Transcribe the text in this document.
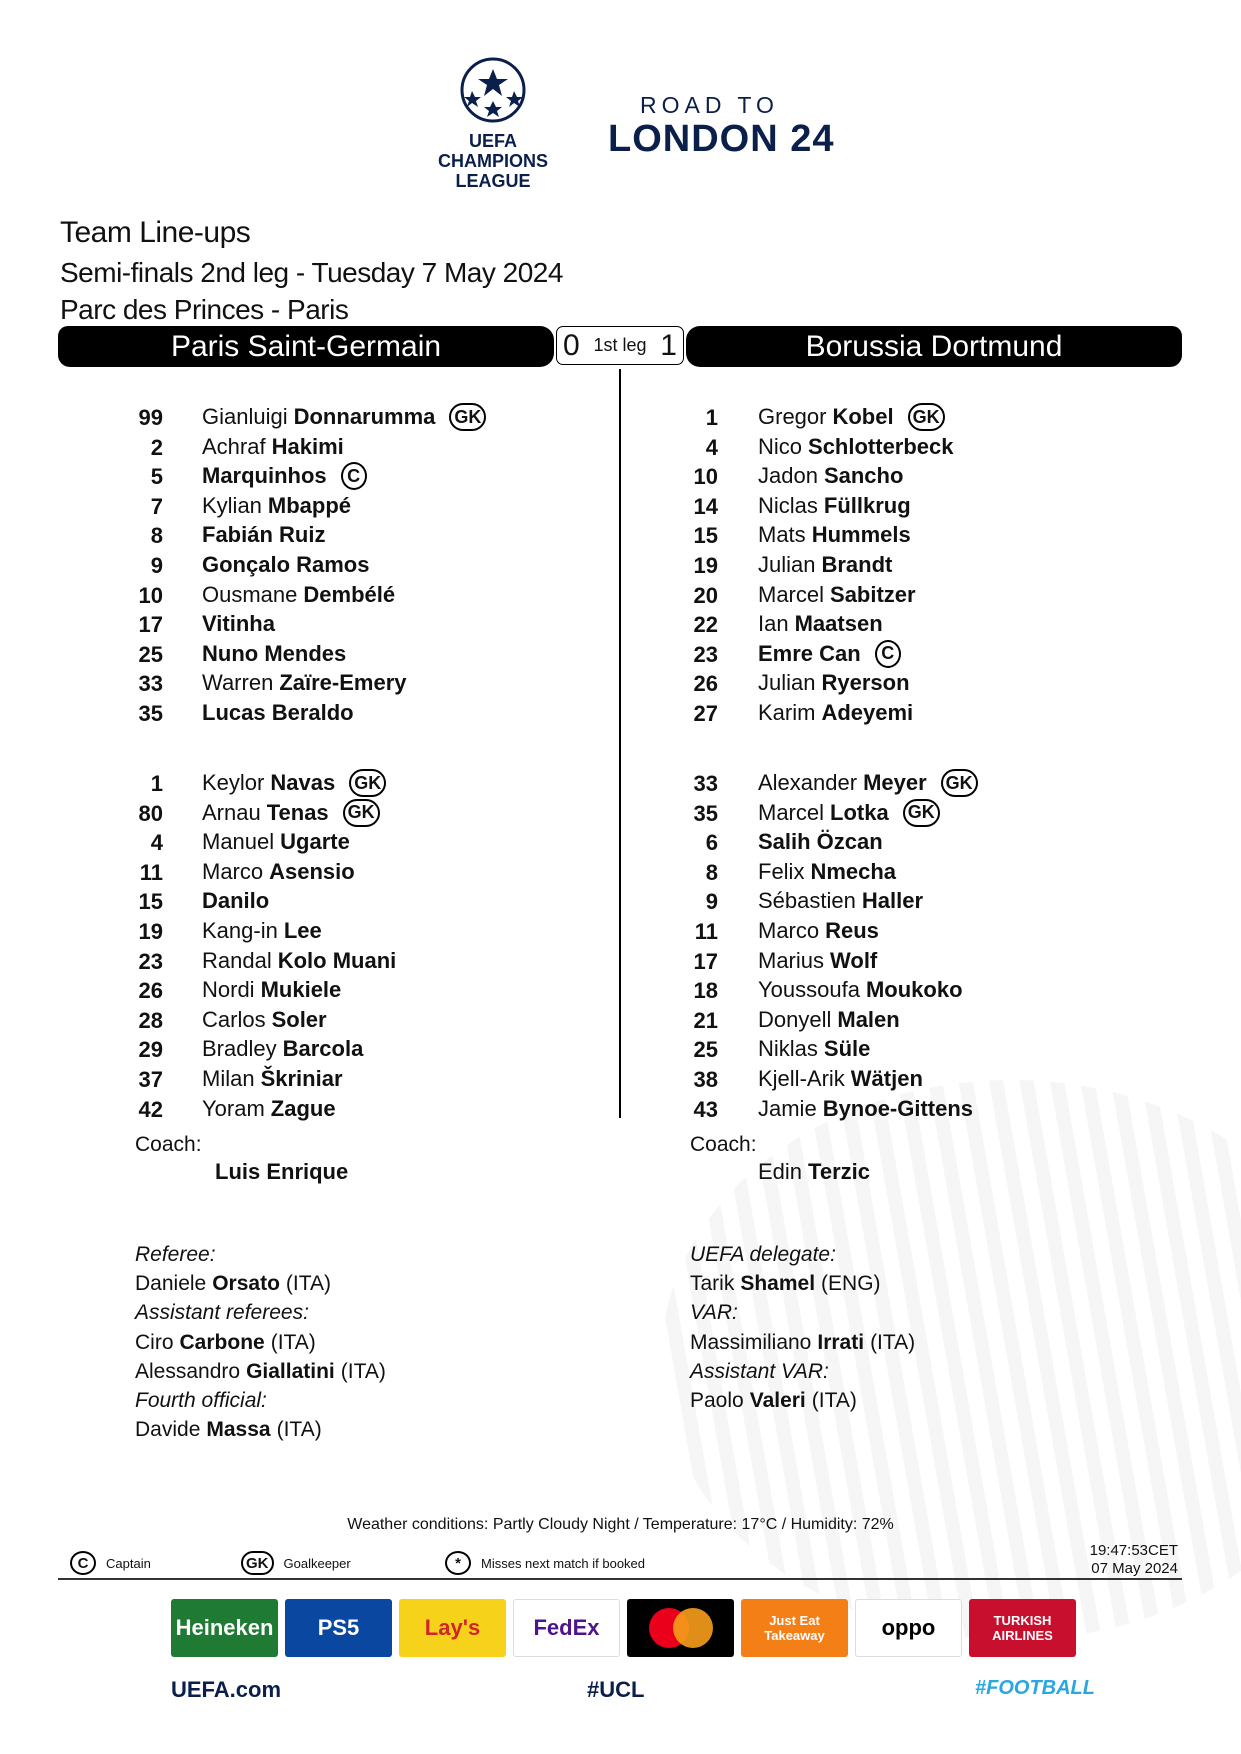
UEFA CHAMPIONS LEAGUE
ROAD TO
LONDON 24
Team Line-ups
Semi-finals 2nd leg - Tuesday 7 May 2024
Parc des Princes - Paris
Paris Saint-Germain	0 1st leg 1	Borussia Dortmund
99 Gianluigi Donnarumma GK
2 Achraf Hakimi
5 Marquinhos	C
7 Kylian Mbappé
8 Fabián Ruiz
9 Gonçalo Ramos
10 Ousmane Dembélé
17 Vitinha
25 Nuno Mendes
33 Warren Zaïre-Emery
35 Lucas Beraldo
1 Keylor Navas GK
80 Arnau Tenas GK
4 Manuel Ugarte
11 Marco Asensio
15 Danilo
19 Kang-in Lee
23 Randal Kolo Muani
26 Nordi Mukiele
28 Carlos Soler
29 Bradley Barcola
37 Milan Škriniar
42 Yoram Zague
1 Gregor Kobel GK
4 Nico Schlotterbeck
10 Jadon Sancho
14 Niclas Füllkrug
15 Mats Hummels
19 Julian Brandt
20 Marcel Sabitzer
22 Ian Maatsen
23 Emre Can	C
26 Julian Ryerson
27 Karim Adeyemi
33 Alexander Meyer GK
35 Marcel Lotka GK
6 Salih Özcan
8 Felix Nmecha
9 Sébastien Haller
11 Marco Reus
17 Marius Wolf
18 Youssoufa Moukoko
21 Donyell Malen
25 Niklas Süle
38 Kjell-Arik Wätjen
43 Jamie Bynoe-Gittens
Coach:
Luis Enrique
Coach:
Edin Terzic
Referee:
Daniele Orsato (ITA)
Assistant referees:
Ciro Carbone (ITA)
Alessandro Giallatini (ITA)
Fourth official:
Davide Massa (ITA)
UEFA delegate:
Tarik Shamel (ENG)
VAR:
Massimiliano Irrati (ITA)
Assistant VAR:
Paolo Valeri (ITA)
Weather conditions: Partly Cloudy Night / Temperature: 17°C / Humidity: 72%
C	Captain	GK	Goalkeeper	*	Misses next match if booked
19:47:53CET
07 May 2024
Heineken	PS5	Lay's	FedEx	Just Eat Takeaway	oppo	TURKISH AIRLINES
UEFA.com	#UCL	#FOOTBALL
